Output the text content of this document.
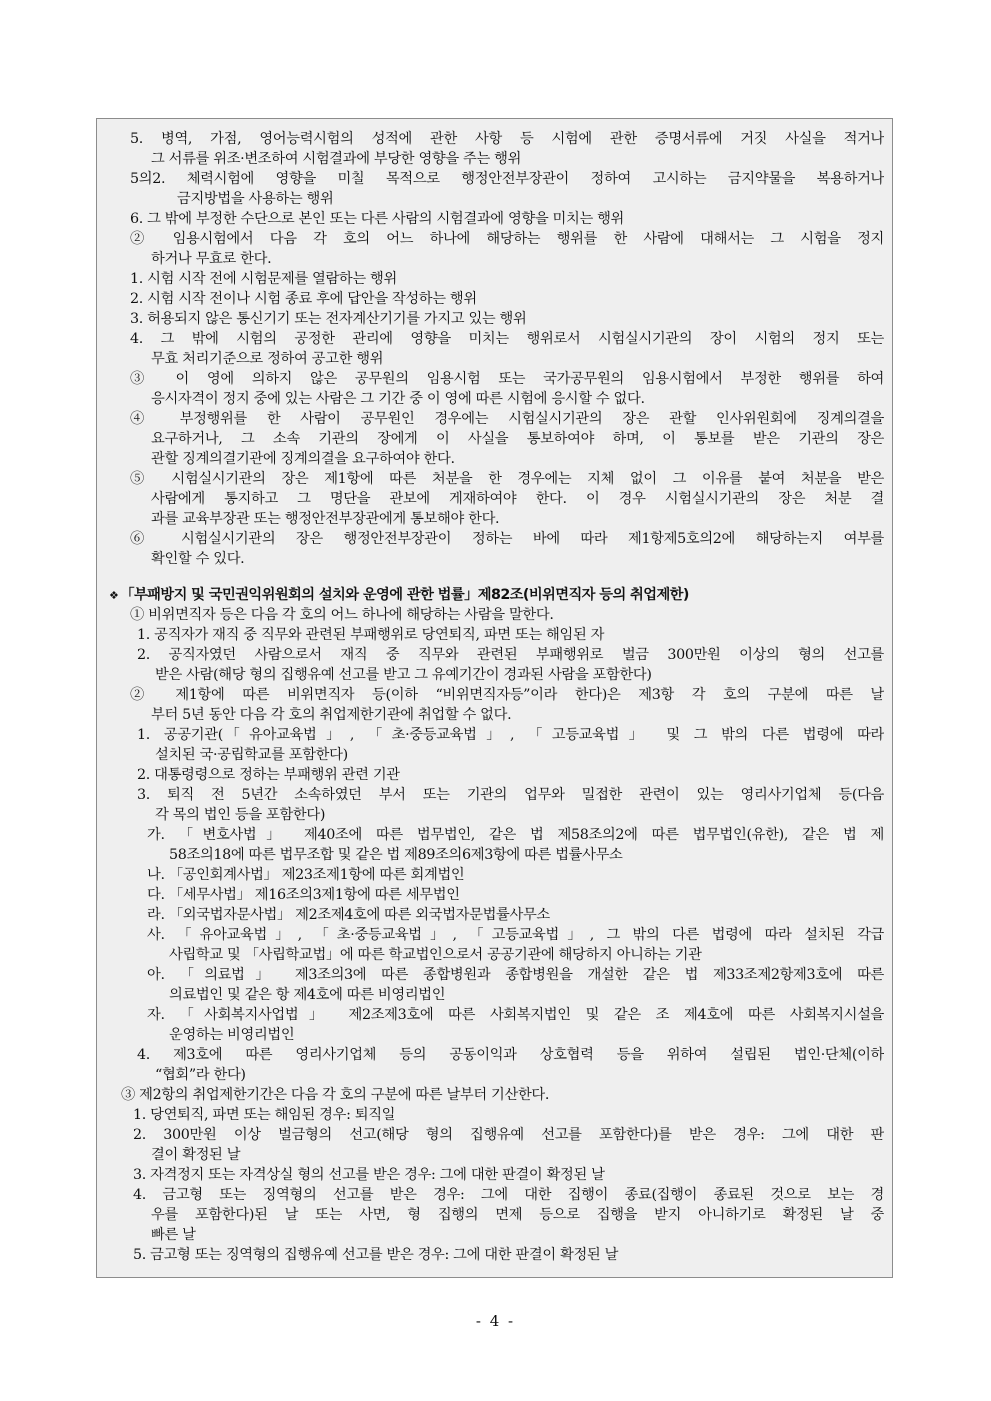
5. 병역, 가점, 영어능력시험의 성적에 관한 사항 등 시험에 관한 증명서류에 거짓 사실을 적거나
그 서류를 위조·변조하여 시험결과에 부당한 영향을 주는 행위
5의2. 체력시험에 영향을 미칠 목적으로 행정안전부장관이 정하여 고시하는 금지약물을 복용하거나
금지방법을 사용하는 행위
6. 그 밖에 부정한 수단으로 본인 또는 다른 사람의 시험결과에 영향을 미치는 행위
② 임용시험에서 다음 각 호의 어느 하나에 해당하는 행위를 한 사람에 대해서는 그 시험을 정지
하거나 무효로 한다.
1. 시험 시작 전에 시험문제를 열람하는 행위
2. 시험 시작 전이나 시험 종료 후에 답안을 작성하는 행위
3. 허용되지 않은 통신기기 또는 전자계산기기를 가지고 있는 행위
4. 그 밖에 시험의 공정한 관리에 영향을 미치는 행위로서 시험실시기관의 장이 시험의 정지 또는
무효 처리기준으로 정하여 공고한 행위
③ 이 영에 의하지 않은 공무원의 임용시험 또는 국가공무원의 임용시험에서 부정한 행위를 하여
응시자격이 정지 중에 있는 사람은 그 기간 중 이 영에 따른 시험에 응시할 수 없다.
④ 부정행위를 한 사람이 공무원인 경우에는 시험실시기관의 장은 관할 인사위원회에 징계의결을
요구하거나, 그 소속 기관의 장에게 이 사실을 통보하여야 하며, 이 통보를 받은 기관의 장은
관할 징계의결기관에 징계의결을 요구하여야 한다.
⑤ 시험실시기관의 장은 제1항에 따른 처분을 한 경우에는 지체 없이 그 이유를 붙여 처분을 받은
사람에게 통지하고 그 명단을 관보에 게재하여야 한다. 이 경우 시험실시기관의 장은 처분 결
과를 교육부장관 또는 행정안전부장관에게 통보해야 한다.
⑥ 시험실시기관의 장은 행정안전부장관이 정하는 바에 따라 제1항제5호의2에 해당하는지 여부를
확인할 수 있다.
❖ 「부패방지 및 국민권익위원회의 설치와 운영에 관한 법률」제82조(비위면직자 등의 취업제한)
① 비위면직자 등은 다음 각 호의 어느 하나에 해당하는 사람을 말한다.
1. 공직자가 재직 중 직무와 관련된 부패행위로 당연퇴직, 파면 또는 해임된 자
2. 공직자였던 사람으로서 재직 중 직무와 관련된 부패행위로 벌금 300만원 이상의 형의 선고를
받은 사람(해당 형의 집행유예 선고를 받고 그 유예기간이 경과된 사람을 포함한다)
② 제1항에 따른 비위면직자 등(이하 “비위면직자등”이라 한다)은 제3항 각 호의 구분에 따른 날
부터 5년 동안 다음 각 호의 취업제한기관에 취업할 수 없다.
1. 공공기관(「유아교육법」, 「초·중등교육법」, 「고등교육법」 및 그 밖의 다른 법령에 따라
설치된 국·공립학교를 포함한다)
2. 대통령령으로 정하는 부패행위 관련 기관
3. 퇴직 전 5년간 소속하였던 부서 또는 기관의 업무와 밀접한 관련이 있는 영리사기업체 등(다음
각 목의 법인 등을 포함한다)
가. 「변호사법」 제40조에 따른 법무법인, 같은 법 제58조의2에 따른 법무법인(유한), 같은 법 제
58조의18에 따른 법무조합 및 같은 법 제89조의6제3항에 따른 법률사무소
나. 「공인회계사법」 제23조제1항에 따른 회계법인
다. 「세무사법」 제16조의3제1항에 따른 세무법인
라. 「외국법자문사법」 제2조제4호에 따른 외국법자문법률사무소
사. 「유아교육법」, 「초·중등교육법」, 「고등교육법」, 그 밖의 다른 법령에 따라 설치된 각급
사립학교 및 「사립학교법」에 따른 학교법인으로서 공공기관에 해당하지 아니하는 기관
아. 「의료법」 제3조의3에 따른 종합병원과 종합병원을 개설한 같은 법 제33조제2항제3호에 따른
의료법인 및 같은 항 제4호에 따른 비영리법인
자. 「사회복지사업법」 제2조제3호에 따른 사회복지법인 및 같은 조 제4호에 따른 사회복지시설을
운영하는 비영리법인
4. 제3호에 따른 영리사기업체 등의 공동이익과 상호협력 등을 위하여 설립된 법인·단체(이하
“협회”라 한다)
③ 제2항의 취업제한기간은 다음 각 호의 구분에 따른 날부터 기산한다.
1. 당연퇴직, 파면 또는 해임된 경우: 퇴직일
2. 300만원 이상 벌금형의 선고(해당 형의 집행유예 선고를 포함한다)를 받은 경우: 그에 대한 판
결이 확정된 날
3. 자격정지 또는 자격상실 형의 선고를 받은 경우: 그에 대한 판결이 확정된 날
4. 금고형 또는 징역형의 선고를 받은 경우: 그에 대한 집행이 종료(집행이 종료된 것으로 보는 경
우를 포함한다)된 날 또는 사면, 형 집행의 면제 등으로 집행을 받지 아니하기로 확정된 날 중
빠른 날
5. 금고형 또는 징역형의 집행유예 선고를 받은 경우: 그에 대한 판결이 확정된 날
- 4 -
